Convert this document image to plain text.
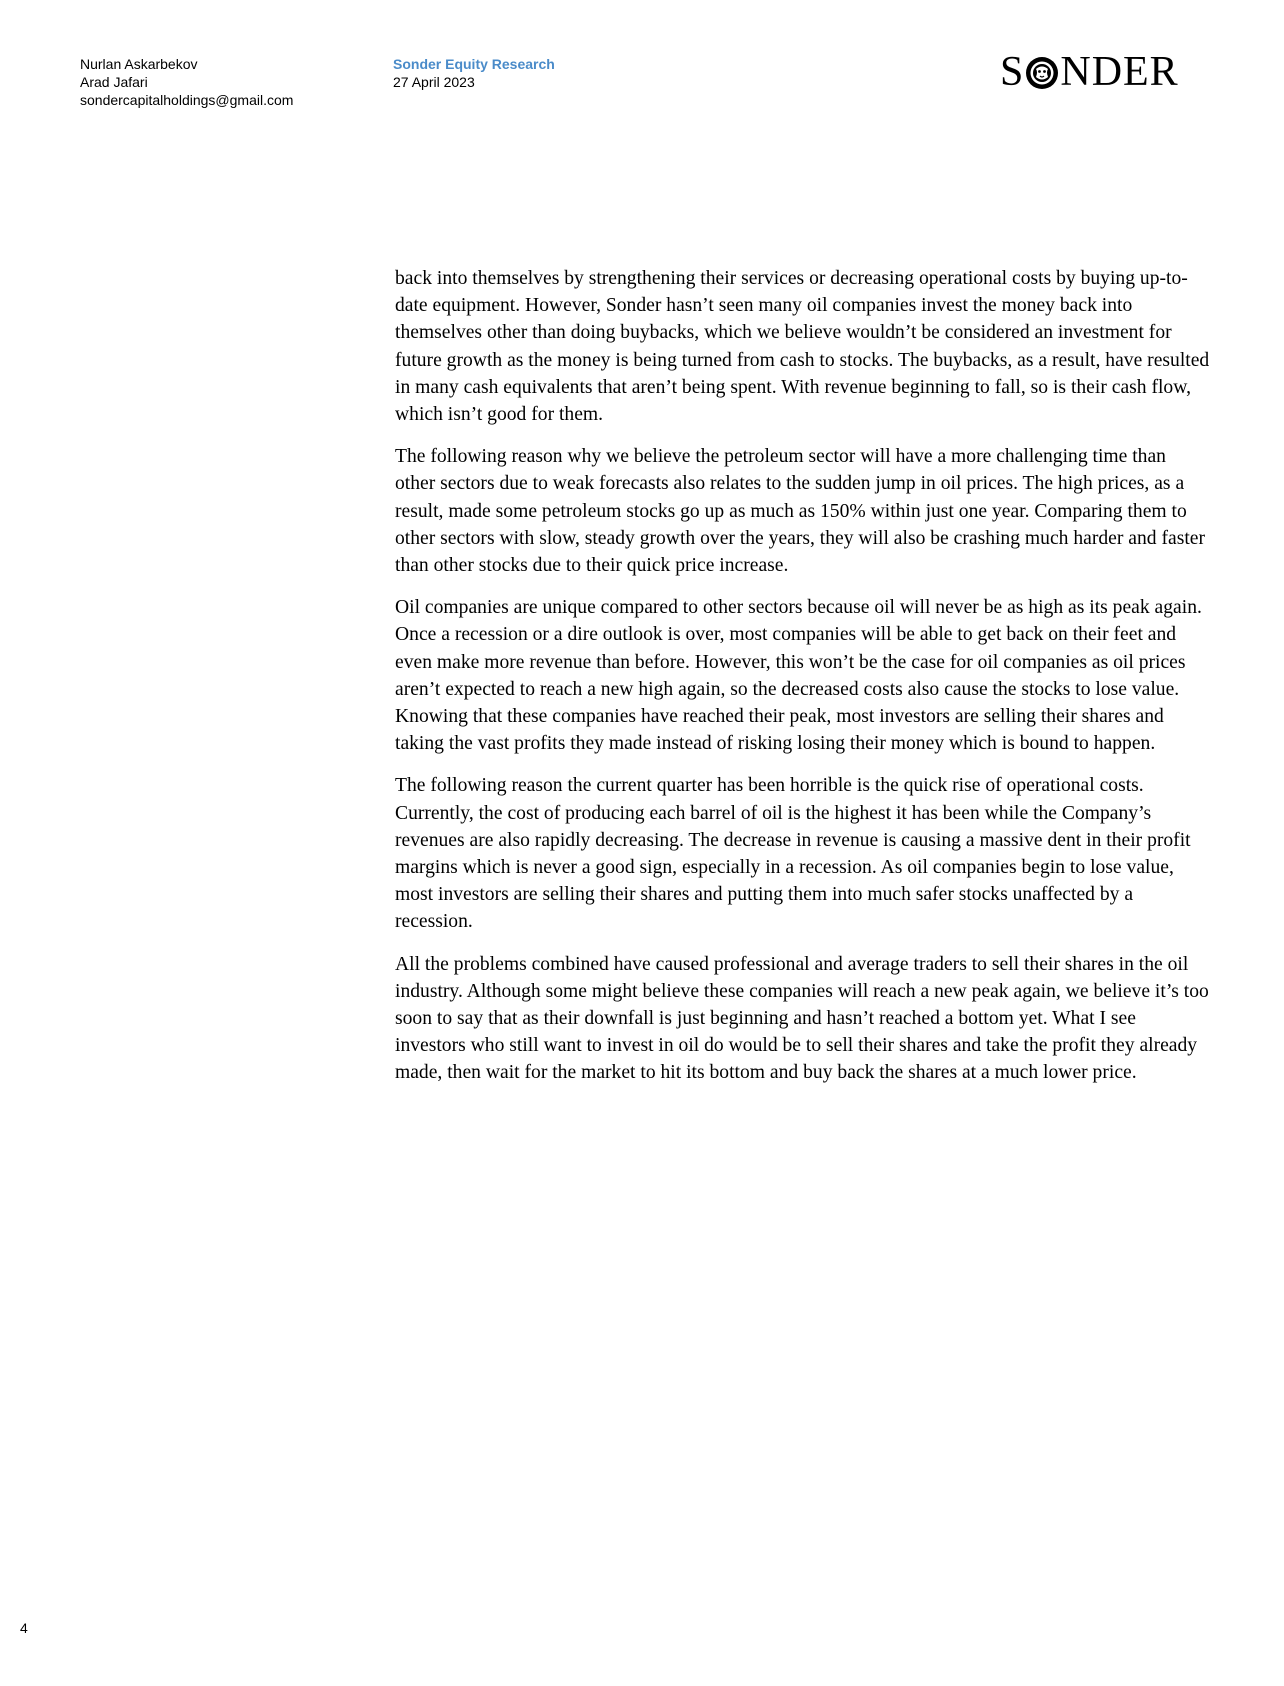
Nurlan Askarbekov
Arad Jafari
sondercapitalholdings@gmail.com
Sonder Equity Research
27 April 2023	S NDER

back into themselves by strengthening their services or decreasing operational costs by buying up-to-date equipment. However, Sonder hasn’t seen many oil companies invest the money back into themselves other than doing buybacks, which we believe wouldn’t be considered an investment for future growth as the money is being turned from cash to stocks. The buybacks, as a result, have resulted in many cash equivalents that aren’t being spent. With revenue beginning to fall, so is their cash flow, which isn’t good for them.

The following reason why we believe the petroleum sector will have a more challenging time than other sectors due to weak forecasts also relates to the sudden jump in oil prices. The high prices, as a result, made some petroleum stocks go up as much as 150% within just one year. Comparing them to other sectors with slow, steady growth over the years, they will also be crashing much harder and faster than other stocks due to their quick price increase.

Oil companies are unique compared to other sectors because oil will never be as high as its peak again. Once a recession or a dire outlook is over, most companies will be able to get back on their feet and even make more revenue than before. However, this won’t be the case for oil companies as oil prices aren’t expected to reach a new high again, so the decreased costs also cause the stocks to lose value. Knowing that these companies have reached their peak, most investors are selling their shares and taking the vast profits they made instead of risking losing their money which is bound to happen.

The following reason the current quarter has been horrible is the quick rise of operational costs. Currently, the cost of producing each barrel of oil is the highest it has been while the Company’s revenues are also rapidly decreasing. The decrease in revenue is causing a massive dent in their profit margins which is never a good sign, especially in a recession. As oil companies begin to lose value, most investors are selling their shares and putting them into much safer stocks unaffected by a recession.

All the problems combined have caused professional and average traders to sell their shares in the oil industry. Although some might believe these companies will reach a new peak again, we believe it’s too soon to say that as their downfall is just beginning and hasn’t reached a bottom yet. What I see investors who still want to invest in oil do would be to sell their shares and take the profit they already made, then wait for the market to hit its bottom and buy back the shares at a much lower price.

4
